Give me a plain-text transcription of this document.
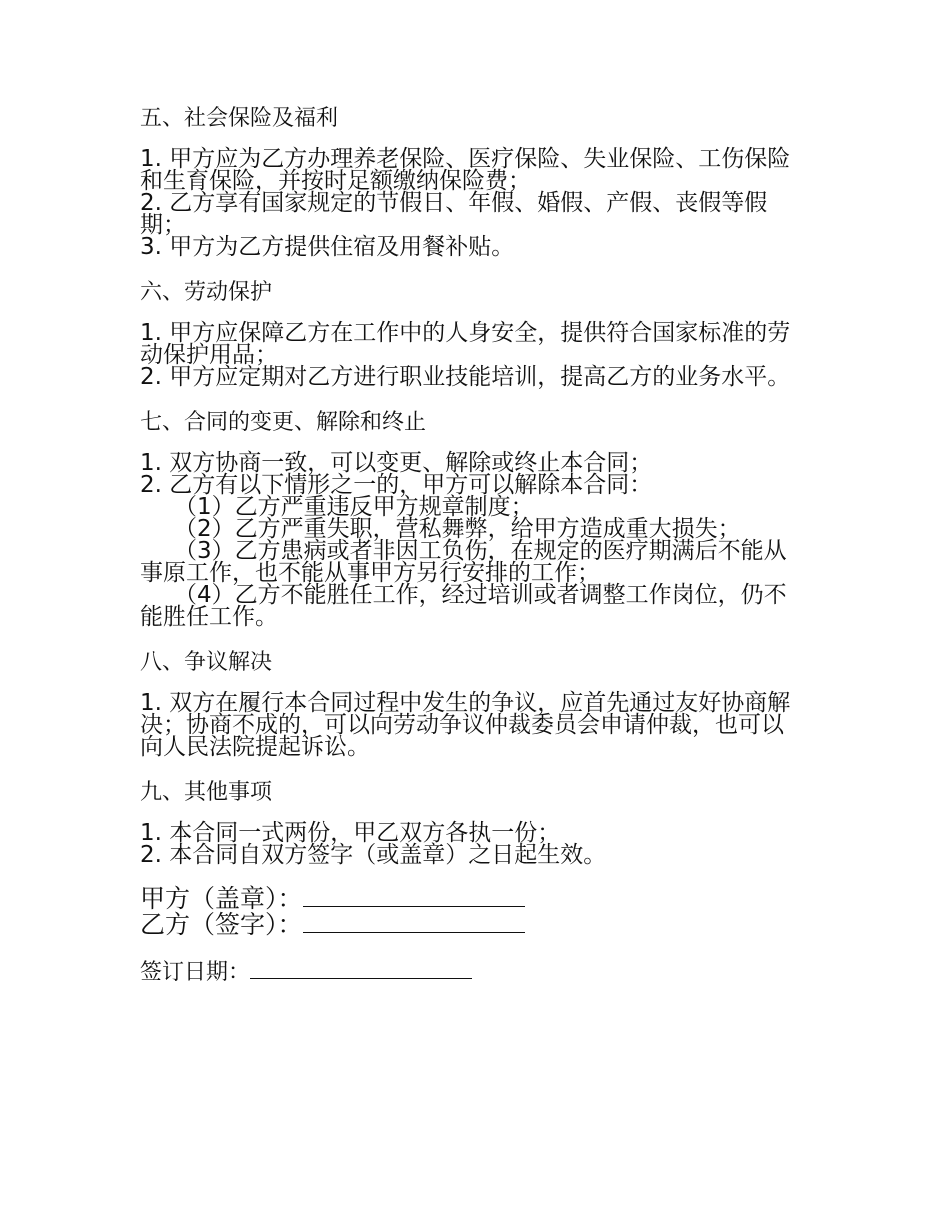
五、社会保险及福利

1. 甲方应为乙方办理养老保险、医疗保险、失业保险、工伤保险和生育保险，并按时足额缴纳保险费；

2. 乙方享有国家规定的节假日、年假、婚假、产假、丧假等假期；

3. 甲方为乙方提供住宿及用餐补贴。

六、劳动保护

1. 甲方应保障乙方在工作中的人身安全，提供符合国家标准的劳动保护用品；

2. 甲方应定期对乙方进行职业技能培训，提高乙方的业务水平。

七、合同的变更、解除和终止

1. 双方协商一致，可以变更、解除或终止本合同；

2. 乙方有以下情形之一的，甲方可以解除本合同：

（1）乙方严重违反甲方规章制度；

（2）乙方严重失职，营私舞弊，给甲方造成重大损失；

（3）乙方患病或者非因工负伤，在规定的医疗期满后不能从事原工作，也不能从事甲方另行安排的工作；

（4）乙方不能胜任工作，经过培训或者调整工作岗位，仍不能胜任工作。

八、争议解决

1. 双方在履行本合同过程中发生的争议，应首先通过友好协商解决；协商不成的，可以向劳动争议仲裁委员会申请仲裁，也可以向人民法院提起诉讼。

九、其他事项

1. 本合同一式两份，甲乙双方各执一份；

2. 本合同自双方签字（或盖章）之日起生效。

甲方（盖章）：

乙方（签字）：

签订日期：
